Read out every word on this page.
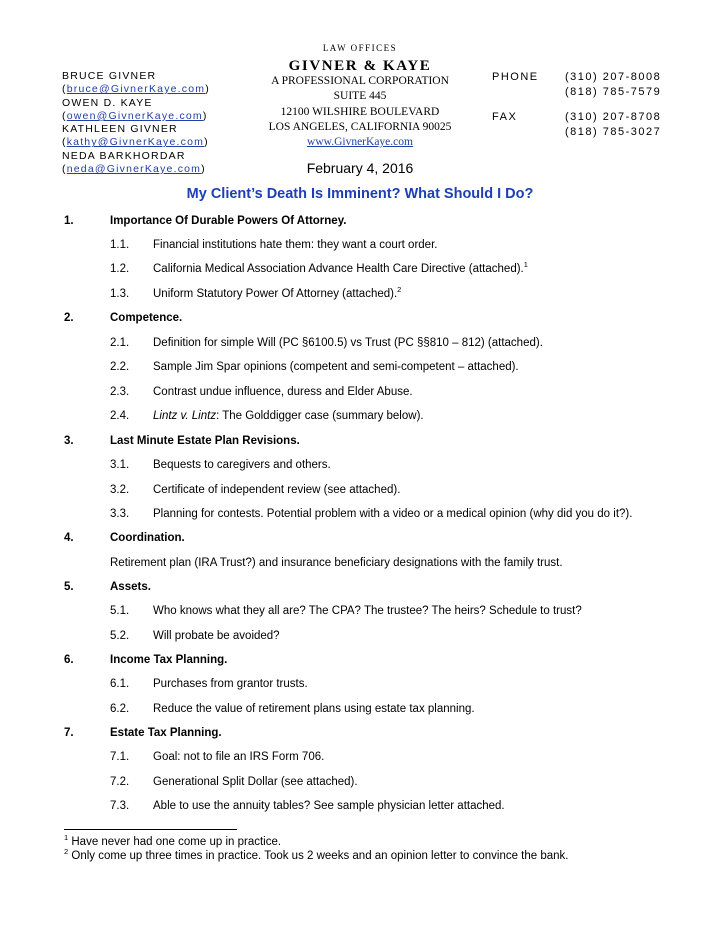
BRUCE GIVNER
(bruce@GivnerKaye.com)
OWEN D. KAYE
(owen@GivnerKaye.com)
KATHLEEN GIVNER
(kathy@GivnerKaye.com)
NEDA BARKHORDAR
(neda@GivnerKaye.com)
LAW OFFICES
GIVNER & KAYE
A PROFESSIONAL CORPORATION
SUITE 445
12100 WILSHIRE BOULEVARD
LOS ANGELES, CALIFORNIA 90025
www.GivnerKaye.com
PHONE (310) 207-8008
(818) 785-7579
FAX	(310) 207-8708
(818) 785-3027
February 4, 2016
My Client’s Death Is Imminent? What Should I Do?
1.	Importance Of Durable Powers Of Attorney.
1.1. Financial institutions hate them: they want a court order.
1.2. California Medical Association Advance Health Care Directive (attached).$^1$
1.3. Uniform Statutory Power Of Attorney (attached).$^2$
2.	Competence.
2.1. Definition for simple Will (PC §6100.5) vs Trust (PC §§810 – 812) (attached).
2.2. Sample Jim Spar opinions (competent and semi-competent – attached).
2.3. Contrast undue influence, duress and Elder Abuse.
2.4. Lintz v. Lintz: The Golddigger case (summary below).
3.	Last Minute Estate Plan Revisions.
3.1. Bequests to caregivers and others.
3.2. Certificate of independent review (see attached).
3.3. Planning for contests. Potential problem with a video or a medical opinion (why did you do it?).
4.	Coordination.
Retirement plan (IRA Trust?) and insurance beneficiary designations with the family trust.
5.	Assets.
5.1. Who knows what they all are? The CPA? The trustee? The heirs? Schedule to trust?
5.2. Will probate be avoided?
6.	Income Tax Planning.
6.1. Purchases from grantor trusts.
6.2. Reduce the value of retirement plans using estate tax planning.
7.	Estate Tax Planning.
7.1. Goal: not to file an IRS Form 706.
7.2. Generational Split Dollar (see attached).
7.3. Able to use the annuity tables? See sample physician letter attached.
$^1$ Have never had one come up in practice.
$^2$ Only come up three times in practice. Took us 2 weeks and an opinion letter to convince the bank.
